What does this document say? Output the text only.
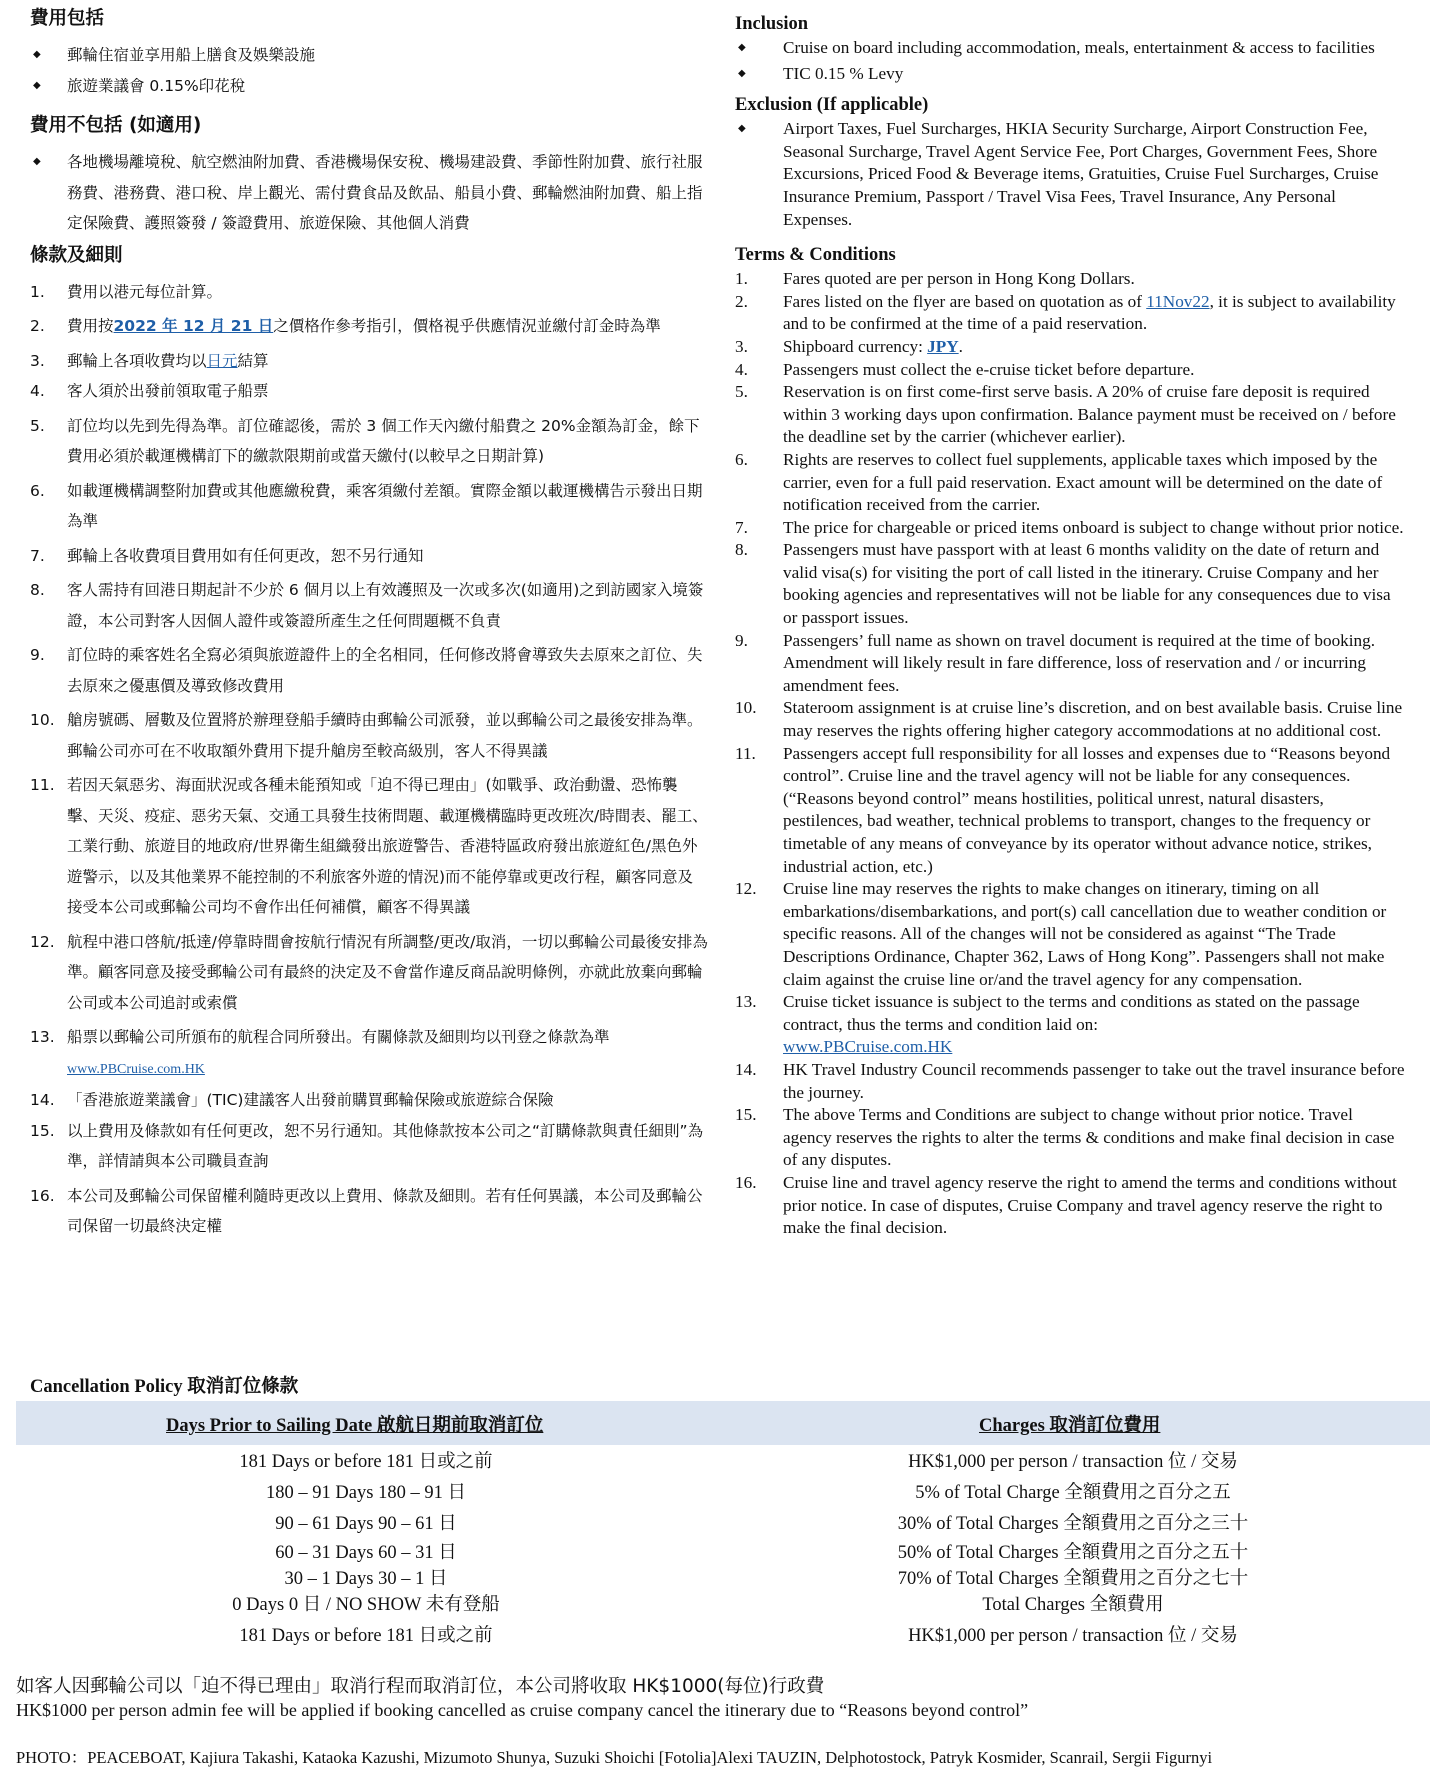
費用包括
◆ 郵輪住宿並享用船上膳食及娛樂設施
◆ 旅遊業議會 0.15%印花稅
費用不包括 (如適用)
◆ 各地機場離境稅、航空燃油附加費、香港機場保安稅、機場建設費、季節性附加費、旅行社服務費、港務費、港口稅、岸上觀光、需付費食品及飲品、船員小費、郵輪燃油附加費、船上指定保險費、護照簽發 / 簽證費用、旅遊保險、其他個人消費
條款及細則
1. 費用以港元每位計算。
2. 費用按2022 年 12 月 21 日之價格作參考指引，價格視乎供應情況並繳付訂金時為準
3. 郵輪上各項收費均以日元結算
4. 客人須於出發前領取電子船票
5. 訂位均以先到先得為準。訂位確認後，需於 3 個工作天內繳付船費之 20%金額為訂金，餘下費用必須於載運機構訂下的繳款限期前或當天繳付(以較早之日期計算)
6. 如載運機構調整附加費或其他應繳稅費，乘客須繳付差額。實際金額以載運機構告示發出日期為準
7. 郵輪上各收費項目費用如有任何更改，恕不另行通知
8. 客人需持有回港日期起計不少於 6 個月以上有效護照及一次或多次(如適用)之到訪國家入境簽證，本公司對客人因個人證件或簽證所產生之任何問題概不負責
9. 訂位時的乘客姓名全寫必須與旅遊證件上的全名相同，任何修改將會導致失去原來之訂位、失去原來之優惠價及導致修改費用
10. 艙房號碼、層數及位置將於辦理登船手續時由郵輪公司派發，並以郵輪公司之最後安排為準。郵輪公司亦可在不收取額外費用下提升艙房至較高級別，客人不得異議
11. 若因天氣惡劣、海面狀況或各種未能預知或「迫不得已理由」(如戰爭、政治動盪、恐怖襲擊、天災、疫症、惡劣天氣、交通工具發生技術問題、載運機構臨時更改班次/時間表、罷工、工業行動、旅遊目的地政府/世界衛生組織發出旅遊警告、香港特區政府發出旅遊紅色/黑色外遊警示，以及其他業界不能控制的不利旅客外遊的情況)而不能停靠或更改行程，顧客同意及接受本公司或郵輪公司均不會作出任何補償，顧客不得異議
12. 航程中港口啓航/抵達/停靠時間會按航行情況有所調整/更改/取消，一切以郵輪公司最後安排為準。顧客同意及接受郵輪公司有最終的決定及不會當作違反商品說明條例，亦就此放棄向郵輪公司或本公司追討或索償
13. 船票以郵輪公司所頒布的航程合同所發出。有關條款及細則均以刊登之條款為準
www.PBCruise.com.HK
14. 「香港旅遊業議會」(TIC)建議客人出發前購買郵輪保險或旅遊綜合保險
15. 以上費用及條款如有任何更改，恕不另行通知。其他條款按本公司之“訂購條款與責任細則”為準，詳情請與本公司職員查詢
16. 本公司及郵輪公司保留權利隨時更改以上費用、條款及細則。若有任何異議，本公司及郵輪公司保留一切最終決定權
Inclusion
◆ Cruise on board including accommodation, meals, entertainment & access to facilities
◆ TIC 0.15 % Levy
Exclusion (If applicable)
◆ Airport Taxes, Fuel Surcharges, HKIA Security Surcharge, Airport Construction Fee, Seasonal Surcharge, Travel Agent Service Fee, Port Charges, Government Fees, Shore Excursions, Priced Food & Beverage items, Gratuities, Cruise Fuel Surcharges, Cruise Insurance Premium, Passport / Travel Visa Fees, Travel Insurance, Any Personal Expenses.
Terms & Conditions
1. Fares quoted are per person in Hong Kong Dollars.
2. Fares listed on the flyer are based on quotation as of 11Nov22, it is subject to availability and to be confirmed at the time of a paid reservation.
3. Shipboard currency: JPY.
4. Passengers must collect the e-cruise ticket before departure.
5. Reservation is on first come-first serve basis. A 20% of cruise fare deposit is required within 3 working days upon confirmation. Balance payment must be received on / before the deadline set by the carrier (whichever earlier).
6. Rights are reserves to collect fuel supplements, applicable taxes which imposed by the carrier, even for a full paid reservation. Exact amount will be determined on the date of notification received from the carrier.
7. The price for chargeable or priced items onboard is subject to change without prior notice.
8. Passengers must have passport with at least 6 months validity on the date of return and valid visa(s) for visiting the port of call listed in the itinerary. Cruise Company and her booking agencies and representatives will not be liable for any consequences due to visa or passport issues.
9. Passengers’ full name as shown on travel document is required at the time of booking. Amendment will likely result in fare difference, loss of reservation and / or incurring amendment fees.
10. Stateroom assignment is at cruise line’s discretion, and on best available basis. Cruise line may reserves the rights offering higher category accommodations at no additional cost.
11. Passengers accept full responsibility for all losses and expenses due to “Reasons beyond control”. Cruise line and the travel agency will not be liable for any consequences. (“Reasons beyond control” means hostilities, political unrest, natural disasters, pestilences, bad weather, technical problems to transport, changes to the frequency or timetable of any means of conveyance by its operator without advance notice, strikes, industrial action, etc.)
12. Cruise line may reserves the rights to make changes on itinerary, timing on all embarkations/disembarkations, and port(s) call cancellation due to weather condition or specific reasons. All of the changes will not be considered as against “The Trade Descriptions Ordinance, Chapter 362, Laws of Hong Kong”. Passengers shall not make claim against the cruise line or/and the travel agency for any compensation.
13. Cruise ticket issuance is subject to the terms and conditions as stated on the passage contract, thus the terms and condition laid on:
www.PBCruise.com.HK
14. HK Travel Industry Council recommends passenger to take out the travel insurance before the journey.
15. The above Terms and Conditions are subject to change without prior notice. Travel agency reserves the rights to alter the terms & conditions and make final decision in case of any disputes.
16. Cruise line and travel agency reserve the right to amend the terms and conditions without prior notice. In case of disputes, Cruise Company and travel agency reserve the right to make the final decision.
Cancellation Policy 取消訂位條款
Days Prior to Sailing Date 啟航日期前取消訂位	Charges 取消訂位費用
181 Days or before 181 日或之前	HK$1,000 per person / transaction 位 / 交易
180 – 91 Days 180 – 91 日	5% of Total Charge 全額費用之百分之五
90 – 61 Days 90 – 61 日	30% of Total Charges 全額費用之百分之三十
60 – 31 Days 60 – 31 日	50% of Total Charges 全額費用之百分之五十
30 – 1 Days 30 – 1 日	70% of Total Charges 全額費用之百分之七十
0 Days 0 日 / NO SHOW 未有登船	Total Charges 全額費用
181 Days or before 181 日或之前	HK$1,000 per person / transaction 位 / 交易
如客人因郵輪公司以「迫不得已理由」取消行程而取消訂位，本公司將收取 HK$1000(每位)行政費
HK$1000 per person admin fee will be applied if booking cancelled as cruise company cancel the itinerary due to “Reasons beyond control”
PHOTO：PEACEBOAT, Kajiura Takashi, Kataoka Kazushi, Mizumoto Shunya, Suzuki Shoichi [Fotolia]Alexi TAUZIN, Delphotostock, Patryk Kosmider, Scanrail, Sergii Figurnyi
